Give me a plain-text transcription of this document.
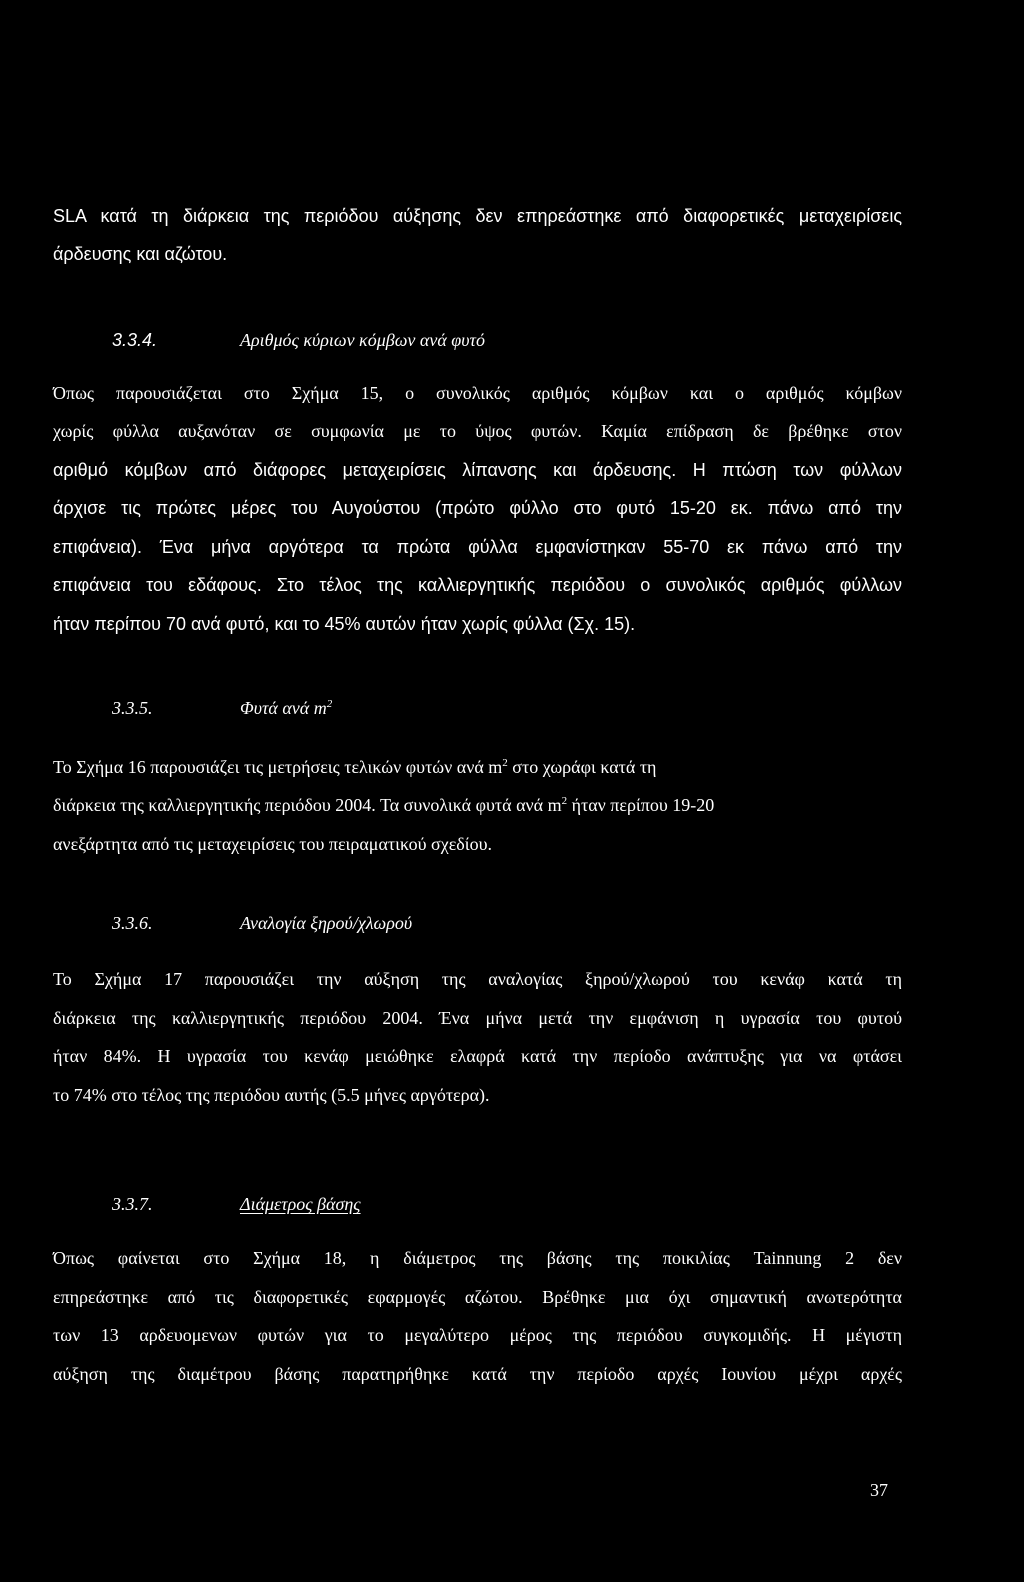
SLA κατά τη διάρκεια της περιόδου αύξησης δεν επηρεάστηκε από διαφορετικές μεταχειρίσεις
άρδευσης και αζώτου.
3.3.4.	Αριθμός κύριων κόμβων ανά φυτό
Όπως παρουσιάζεται στο Σχήμα 15, ο συνολικός αριθμός κόμβων και ο αριθμός κόμβων
χωρίς φύλλα αυξανόταν σε συμφωνία με το ύψος φυτών. Καμία επίδραση δε βρέθηκε στον
αριθμό κόμβων από διάφορες μεταχειρίσεις λίπανσης και άρδευσης. Η πτώση των φύλλων
άρχισε τις πρώτες μέρες του Αυγούστου (πρώτο φύλλο στο φυτό 15-20 εκ. πάνω από την
επιφάνεια). Ένα μήνα αργότερα τα πρώτα φύλλα εμφανίστηκαν 55-70 εκ πάνω από την
επιφάνεια του εδάφους. Στο τέλος της καλλιεργητικής περιόδου ο συνολικός αριθμός φύλλων
ήταν περίπου 70 ανά φυτό, και το 45% αυτών ήταν χωρίς φύλλα (Σχ. 15).
3.3.5.	Φυτά ανά $m^2$
Το Σχήμα 16 παρουσιάζει τις μετρήσεις τελικών φυτών ανά $m^2$ στο χωράφι κατά τη
διάρκεια της καλλιεργητικής περιόδου 2004. Τα συνολικά φυτά ανά $m^2$ ήταν περίπου 19-20
ανεξάρτητα από τις μεταχειρίσεις του πειραματικού σχεδίου.
3.3.6.	Αναλογία ξηρού/χλωρού
Το Σχήμα 17 παρουσιάζει την αύξηση της αναλογίας ξηρού/χλωρού του κενάφ κατά τη
διάρκεια της καλλιεργητικής περιόδου 2004. Ένα μήνα μετά την εμφάνιση η υγρασία του φυτού
ήταν 84%. Η υγρασία του κενάφ μειώθηκε ελαφρά κατά την περίοδο ανάπτυξης για να φτάσει
το 74% στο τέλος της περιόδου αυτής (5.5 μήνες αργότερα).
3.3.7.	Διάμετρος βάσης
Όπως φαίνεται στο Σχήμα 18, η διάμετρος της βάσης της ποικιλίας Tainnung 2 δεν
επηρεάστηκε από τις διαφορετικές εφαρμογές αζώτου. Βρέθηκε μια όχι σημαντική ανωτερότητα
των 13 αρδευομενων φυτών για το μεγαλύτερο μέρος της περιόδου συγκομιδής. Η μέγιστη
αύξηση της διαμέτρου βάσης παρατηρήθηκε κατά την περίοδο αρχές Ιουνίου μέχρι αρχές
37
